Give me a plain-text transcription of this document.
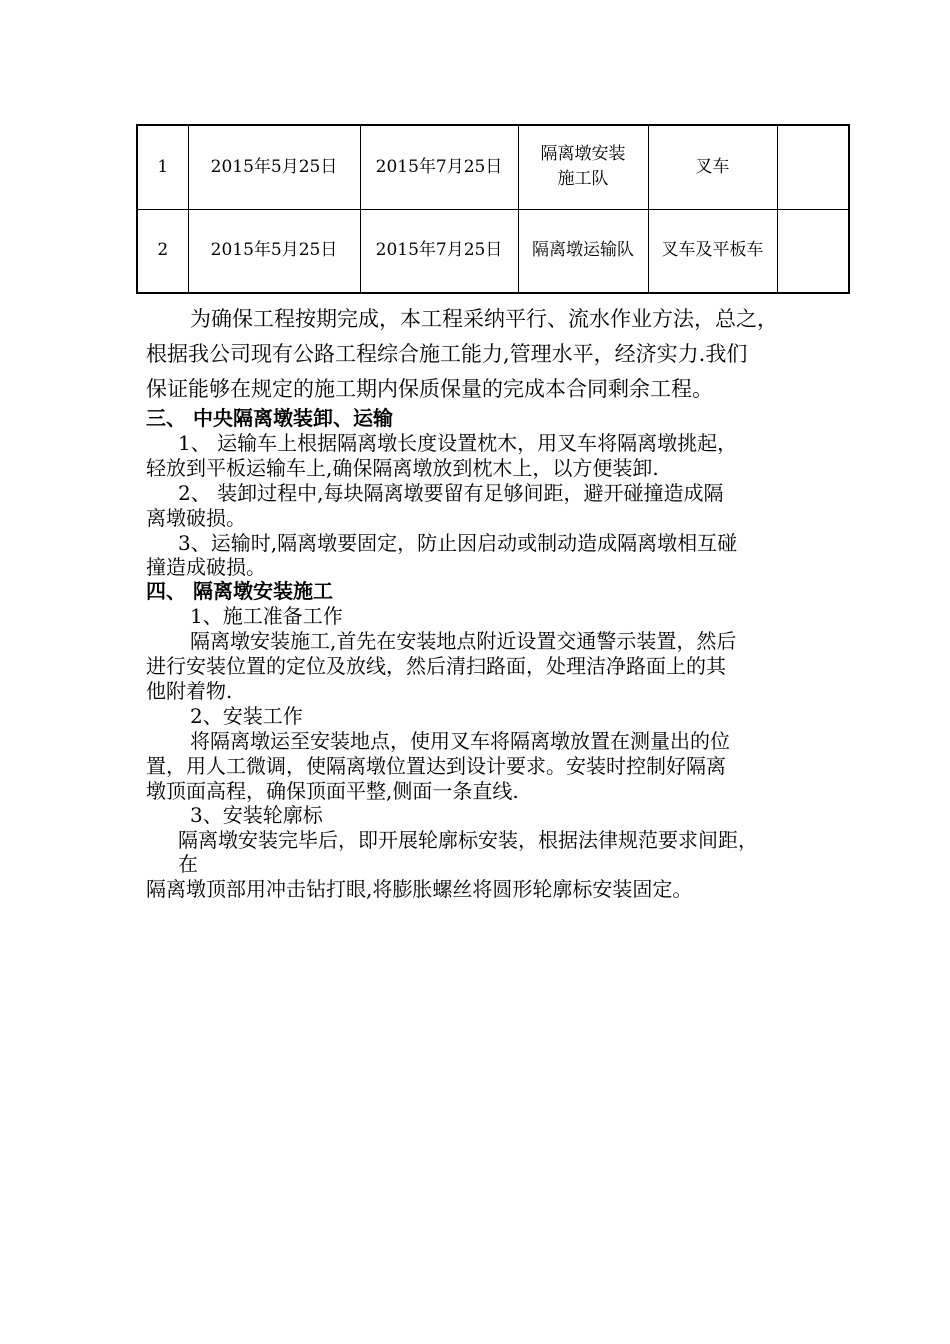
1	2015年5月25日	2015年7月25日	隔离墩安装
施工队	叉车	
2	2015年5月25日	2015年7月25日	隔离墩运输队	叉车及平板车	
为确保工程按期完成，本工程采纳平行、流水作业方法，总之，
根据我公司现有公路工程综合施工能力,管理水平，经济实力.我们
保证能够在规定的施工期内保质保量的完成本合同剩余工程。
三、 中央隔离墩装卸、运输
1、 运输车上根据隔离墩长度设置枕木，用叉车将隔离墩挑起，
轻放到平板运输车上,确保隔离墩放到枕木上，以方便装卸.
2、 装卸过程中,每块隔离墩要留有足够间距，避开碰撞造成隔
离墩破损。
3、运输时,隔离墩要固定，防止因启动或制动造成隔离墩相互碰
撞造成破损。
四、 隔离墩安装施工
1、施工准备工作
隔离墩安装施工,首先在安装地点附近设置交通警示装置，然后
进行安装位置的定位及放线，然后清扫路面，处理洁净路面上的其
他附着物.
2、安装工作
将隔离墩运至安装地点，使用叉车将隔离墩放置在测量出的位
置，用人工微调，使隔离墩位置达到设计要求。安装时控制好隔离
墩顶面高程，确保顶面平整,侧面一条直线.
3、安装轮廓标
隔离墩安装完毕后，即开展轮廓标安装，根据法律规范要求间距，
在
隔离墩顶部用冲击钻打眼,将膨胀螺丝将圆形轮廓标安装固定。
